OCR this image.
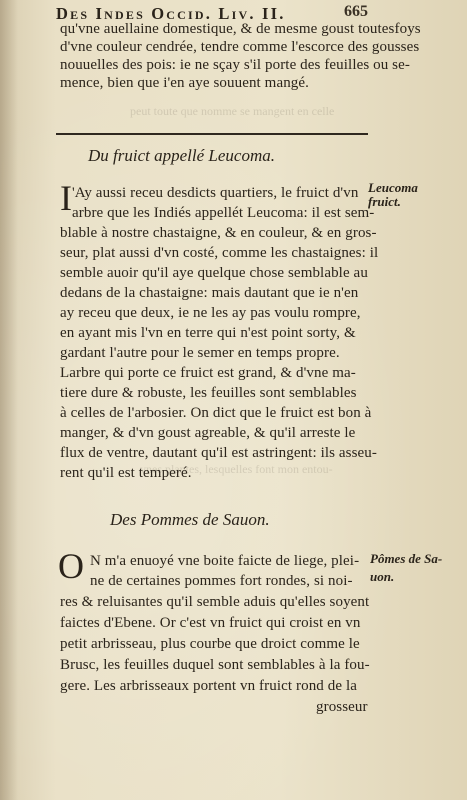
peut toute que nomme se mangent en celle
vnes plantes, lesquelles font mon entou-
Des Indes Occid. Liv. II.	665
qu'vne auellaine domestique, & de mesme goust toutesfoys
d'vne couleur cendrée, tendre comme l'escorce des gousses
nouuelles des pois: ie ne sçay s'il porte des feuilles ou se-
mence, bien que i'en aye souuent mangé.
Du fruict appellé Leucoma.
Leucoma
fruict.
I 'Ay aussi receu desdicts quartiers, le fruict d'vn
arbre que les Indiés appellét Leucoma: il est sem-
blable à nostre chastaigne, & en couleur, & en gros-
seur, plat aussi d'vn costé, comme les chastaignes: il
semble auoir qu'il aye quelque chose semblable au
dedans de la chastaigne: mais dautant que ie n'en
ay receu que deux, ie ne les ay pas voulu rompre,
en ayant mis l'vn en terre qui n'est point sorty, &
gardant l'autre pour le semer en temps propre.
Larbre qui porte ce fruict est grand, & d'vne ma-
tiere dure & robuste, les feuilles sont semblables
à celles de l'arbosier. On dict que le fruict est bon à
manger, & d'vn goust agreable, & qu'il arreste le
flux de ventre, dautant qu'il est astringent: ils asseu-
rent qu'il est temperé.
Des Pommes de Sauon.
Pômes de Sa-
uon.
O N m'a enuoyé vne boite faicte de liege, plei-
ne de certaines pommes fort rondes, si noi-
res & reluisantes qu'il semble aduis qu'elles soyent
faictes d'Ebene. Or c'est vn fruict qui croist en vn
petit arbrisseau, plus courbe que droict comme le
Brusc, les feuilles duquel sont semblables à la fou-
gere. Les arbrisseaux portent vn fruict rond de la
grosseur
